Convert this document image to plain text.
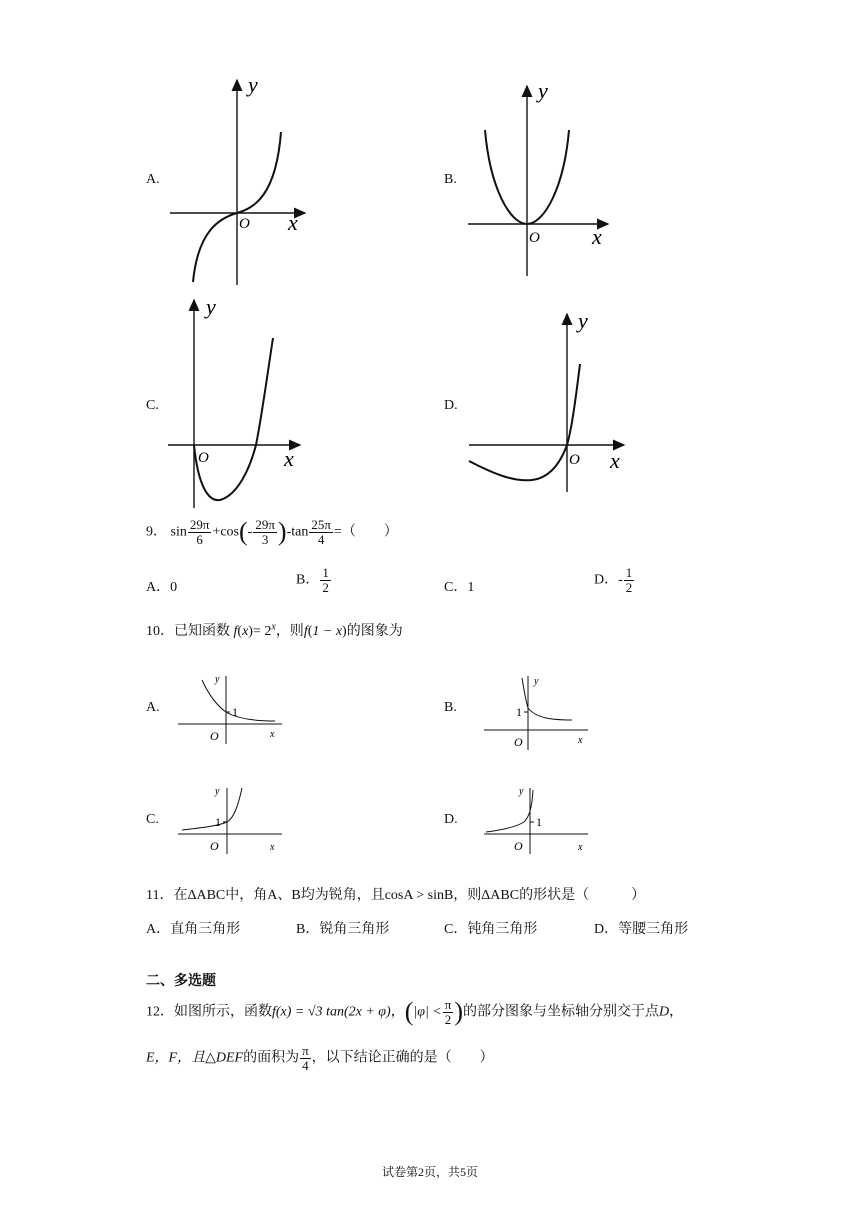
A.
O x
y
B.
O x
y
C.
O	x
y
D.
O x
y
9． $\sin \frac{29\pi}{6} +\cos(- \frac{29\pi}{3} )-\tan \frac{25\pi}{4}$ =（　　）
A．0
B． $\frac{1}{2}$	C．1
D．- $\frac{1}{2}$
10．已知函数 $f(x)= 2^x$，则f(1 − x)的图象为
A.	1
O	x
y
B.	1
O	x
y
C.	1
O	x
y
D.	1
O	x
y
11．在ΔABC中，角A、B均为锐角，且cosA > sinB，则ΔABC的形状是（　　　）
A．直角三角形	B．锐角三角形	C．钝角三角形	D．等腰三角形
二、多选题
12．如图所示，函数f(x) = √3 tan(2x + φ)，($|\varphi| < \frac{\pi}{2}$ )的部分图象与坐标轴分别交于点D，
E，F，且△DEF的面积为 $\frac{\pi}{4}$ ，以下结论正确的是（　　）
试卷第2页，共5页
